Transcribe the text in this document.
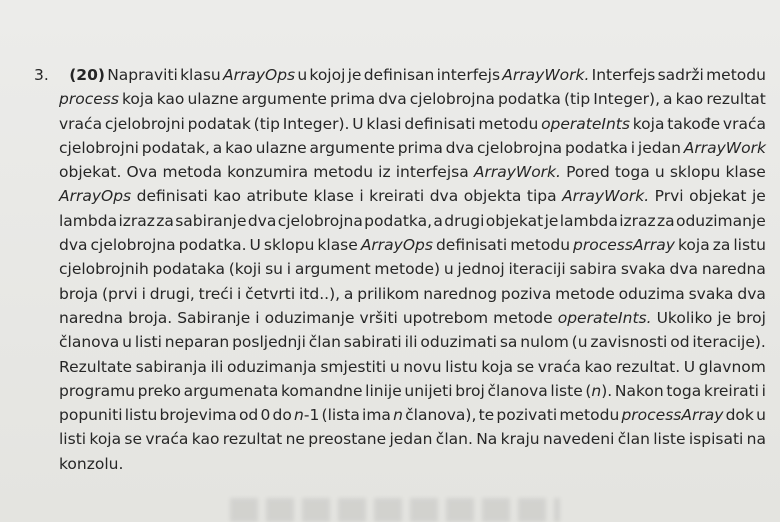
3.	(20) Napraviti klasu ArrayOps u kojoj je definisan interfejs ArrayWork. Interfejs sadrži metodu
process koja kao ulazne argumente prima dva cjelobrojna podatka (tip Integer), a kao rezultat
vraća cjelobrojni podatak (tip Integer). U klasi definisati metodu operateInts koja takođe vraća
cjelobrojni podatak, a kao ulazne argumente prima dva cjelobrojna podatka i jedan ArrayWork
objekat. Ova metoda konzumira metodu iz interfejsa ArrayWork. Pored toga u sklopu klase
ArrayOps definisati kao atribute klase i kreirati dva objekta tipa ArrayWork. Prvi objekat je
lambda izraz za sabiranje dva cjelobrojna podatka, a drugi objekat je lambda izraz za oduzimanje
dva cjelobrojna podatka. U sklopu klase ArrayOps definisati metodu processArray koja za listu
cjelobrojnih podataka (koji su i argument metode) u jednoj iteraciji sabira svaka dva naredna
broja (prvi i drugi, treći i četvrti itd..), a prilikom narednog poziva metode oduzima svaka dva
naredna broja. Sabiranje i oduzimanje vršiti upotrebom metode operateInts. Ukoliko je broj
članova u listi neparan posljednji član sabirati ili oduzimati sa nulom (u zavisnosti od iteracije).
Rezultate sabiranja ili oduzimanja smjestiti u novu listu koja se vraća kao rezultat. U glavnom
programu preko argumenata komandne linije unijeti broj članova liste (n). Nakon toga kreirati i
popuniti listu brojevima od 0 do n-1 (lista ima n članova), te pozivati metodu processArray dok u
listi koja se vraća kao rezultat ne preostane jedan član. Na kraju navedeni član liste ispisati na
konzolu.
